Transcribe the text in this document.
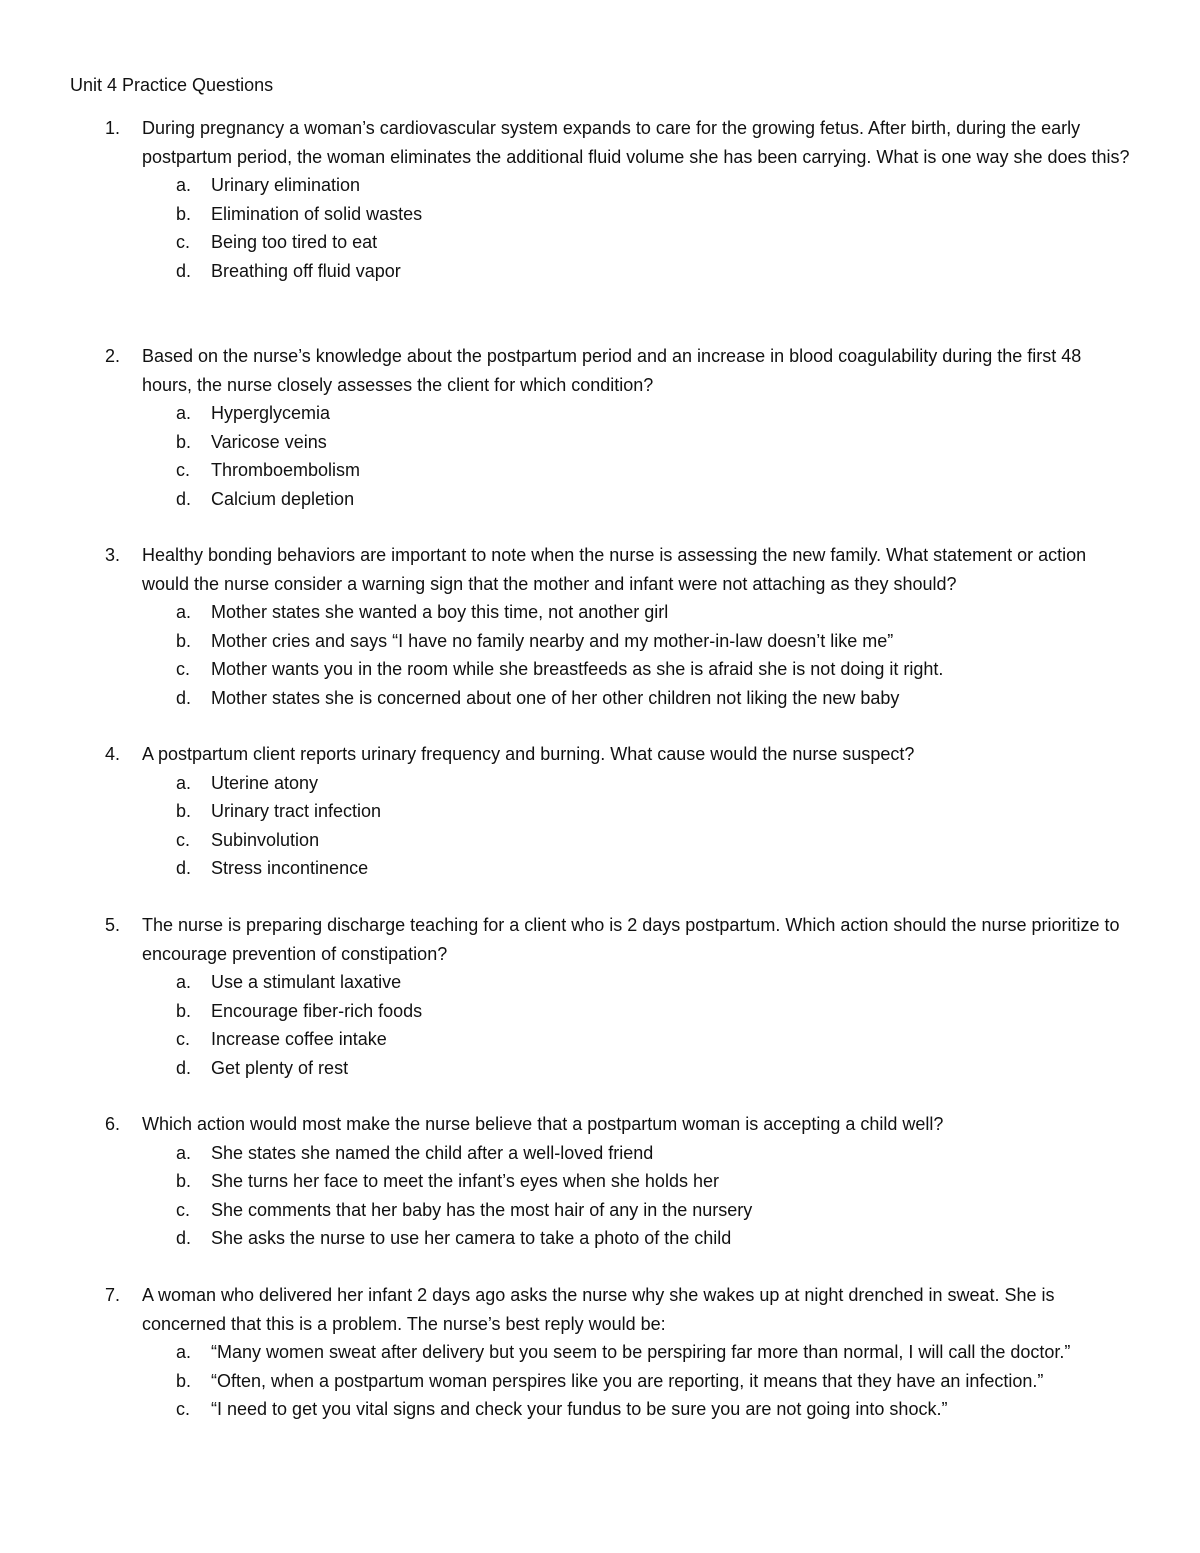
Unit 4 Practice Questions
1.	During pregnancy a woman’s cardiovascular system expands to care for the growing fetus. After birth, during the early postpartum period, the woman eliminates the additional fluid volume she has been carrying. What is one way she does this?
a. Urinary elimination
b. Elimination of solid wastes
c. Being too tired to eat
d. Breathing off fluid vapor
2.	Based on the nurse’s knowledge about the postpartum period and an increase in blood coagulability during the first 48 hours, the nurse closely assesses the client for which condition?
a. Hyperglycemia
b. Varicose veins
c. Thromboembolism
d. Calcium depletion
3.	Healthy bonding behaviors are important to note when the nurse is assessing the new family. What statement or action would the nurse consider a warning sign that the mother and infant were not attaching as they should?
a. Mother states she wanted a boy this time, not another girl
b. Mother cries and says “I have no family nearby and my mother-in-law doesn’t like me”
c. Mother wants you in the room while she breastfeeds as she is afraid she is not doing it right.
d. Mother states she is concerned about one of her other children not liking the new baby
4.	A postpartum client reports urinary frequency and burning. What cause would the nurse suspect?
a. Uterine atony
b. Urinary tract infection
c. Subinvolution
d. Stress incontinence
5.	The nurse is preparing discharge teaching for a client who is 2 days postpartum. Which action should the nurse prioritize to encourage prevention of constipation?
a. Use a stimulant laxative
b. Encourage fiber-rich foods
c. Increase coffee intake
d. Get plenty of rest
6.	Which action would most make the nurse believe that a postpartum woman is accepting a child well?
a. She states she named the child after a well-loved friend
b. She turns her face to meet the infant’s eyes when she holds her
c. She comments that her baby has the most hair of any in the nursery
d. She asks the nurse to use her camera to take a photo of the child
7.	A woman who delivered her infant 2 days ago asks the nurse why she wakes up at night drenched in sweat. She is concerned that this is a problem. The nurse’s best reply would be:
a. “Many women sweat after delivery but you seem to be perspiring far more than normal, I will call the doctor.”
b. “Often, when a postpartum woman perspires like you are reporting, it means that they have an infection.”
c. “I need to get you vital signs and check your fundus to be sure you are not going into shock.”
